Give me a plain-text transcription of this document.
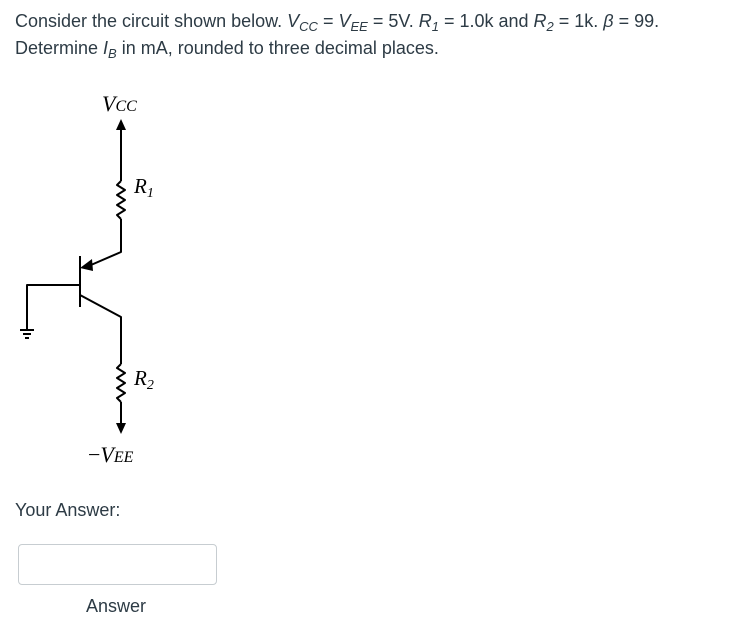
Consider the circuit shown below. $V_{CC} = V_{EE} = 5V$. $R_1 = 1.0k$ and $R_2 = 1k$. β = 99.
Determine $I_B$ in mA, rounded to three decimal places.
VCC
R1
R2
−VEE
Your Answer:
Answer
